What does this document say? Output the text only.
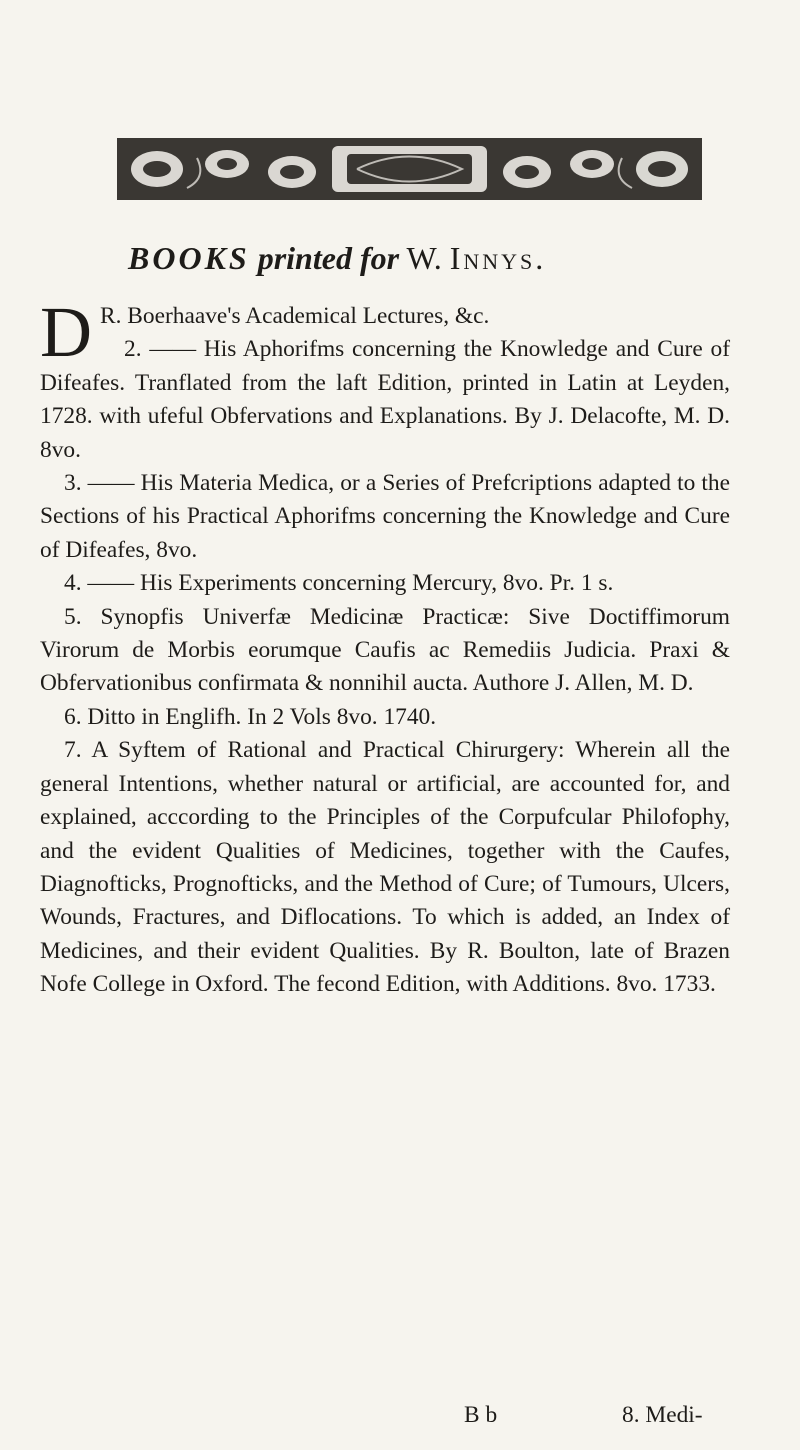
BOOKS printed for W. Innys.

D R. Boerhaave's Academical Lectures, &c.

2. —— His Aphorifms concerning the Knowledge and Cure of Difeafes. Tranflated from the laft Edition, printed in Latin at Leyden, 1728. with ufeful Obfervations and Explanations. By J. Delacofte, M. D. 8vo.

3. —— His Materia Medica, or a Series of Prefcriptions adapted to the Sections of his Practical Aphorifms concerning the Knowledge and Cure of Difeafes, 8vo.

4. —— His Experiments concerning Mercury, 8vo. Pr. 1 s.

5. Synopfis Univerfæ Medicinæ Practicæ: Sive Doctiffimorum Virorum de Morbis eorumque Caufis ac Remediis Judicia. Praxi & Obfervationibus confirmata & nonnihil aucta. Authore J. Allen, M. D.

6. Ditto in Englifh. In 2 Vols 8vo. 1740.

7. A Syftem of Rational and Practical Chirurgery: Wherein all the general Intentions, whether natural or artificial, are accounted for, and explained, acccording to the Principles of the Corpufcular Philofophy, and the evident Qualities of Medicines, together with the Caufes, Diagnofticks, Prognofticks, and the Method of Cure; of Tumours, Ulcers, Wounds, Fractures, and Diflocations. To which is added, an Index of Medicines, and their evident Qualities. By R. Boulton, late of Brazen Nofe College in Oxford. The fecond Edition, with Additions. 8vo. 1733.

B b	8. Medi-
